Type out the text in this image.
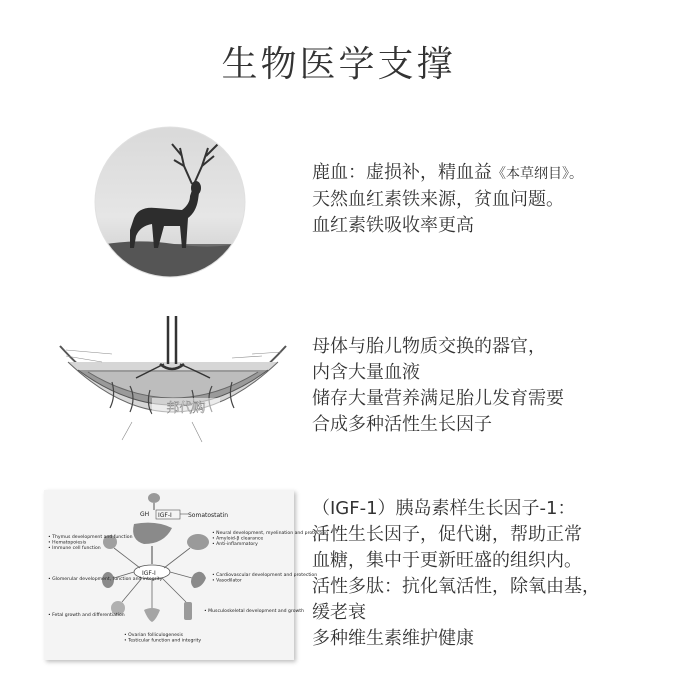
生物医学支撑
鹿血：虚损补，精血益《本草纲目》。
天然血红素铁来源，贫血问题。
血红素铁吸收率更高
邦代购
母体与胎儿物质交换的器官，
内含大量血液
储存大量营养满足胎儿发育需要
合成多种活性生长因子
GH IGF-I	Somatostatin
IGF-I
• Thymus development and function • Hematopoiesis • Immune cell function
• Neural development, myelination and protection • Amyloid-β clearance • Anti-inflammatory
• Glomerular development, function and integrity
• Cardiovascular development and protection • Vasodilator
• Fetal growth and differentiation
• Musculoskeletal development and growth
• Ovarian folliculogenesis • Testicular function and integrity
（IGF-1）胰岛素样生长因子-1：
活性生长因子，促代谢，帮助正常
血糖，集中于更新旺盛的组织内。
活性多肽：抗化氧活性，除氧由基，
缓老衰
多种维生素维护健康
